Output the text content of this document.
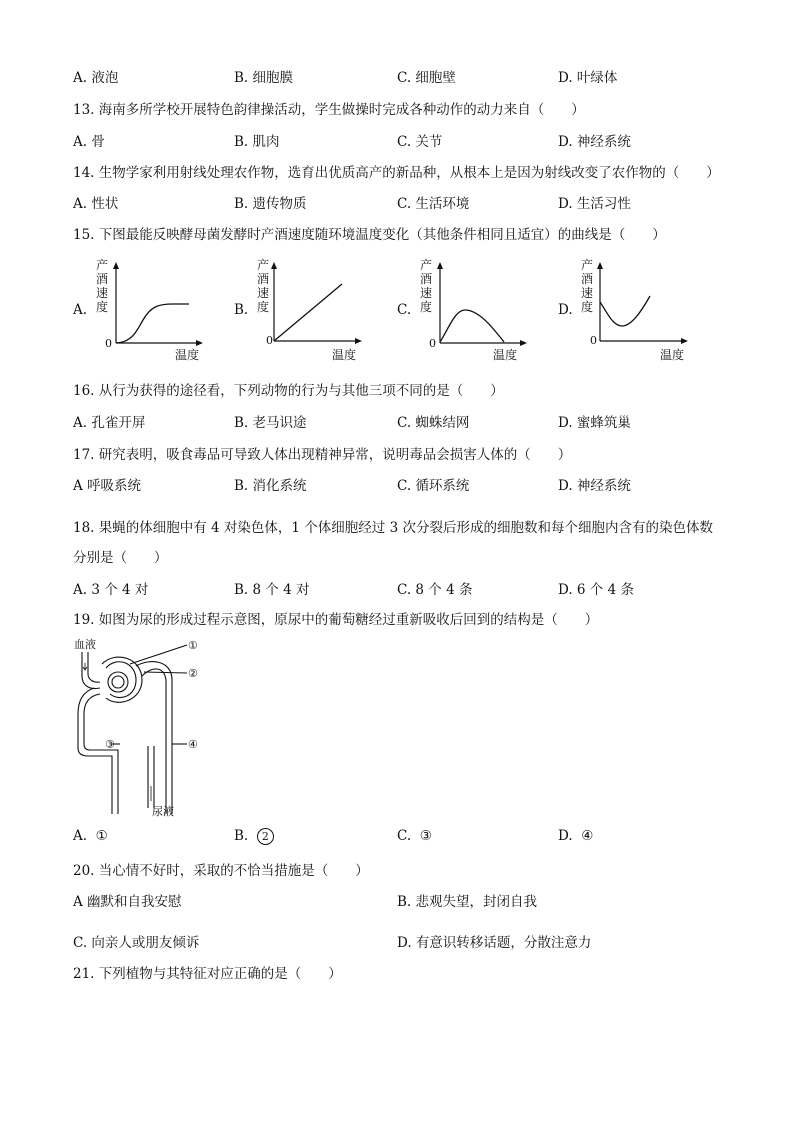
A. 液泡	B. 细胞膜	C. 细胞壁	D. 叶绿体
13. 海南多所学校开展特色韵律操活动，学生做操时完成各种动作的动力来自（　　）
A. 骨	B. 肌肉	C. 关节	D. 神经系统
14. 生物学家利用射线处理农作物，选育出优质高产的新品种，从根本上是因为射线改变了农作物的（　　）
A. 性状	B. 遗传物质	C. 生活环境	D. 生活习性
15. 下图最能反映酵母菌发酵时产酒速度随环境温度变化（其他条件相同且适宜）的曲线是（　　）
A.
产
酒
速
度
0
温度
B.
产
酒
速
度
0
温度
C.
产
酒
速
度
0
温度
D.
产
酒
速
度
0
温度
16. 从行为获得的途径看，下列动物的行为与其他三项不同的是（　　）
A. 孔雀开屏	B. 老马识途	C. 蜘蛛结网	D. 蜜蜂筑巢
17. 研究表明，吸食毒品可导致人体出现精神异常，说明毒品会损害人体的（　　）
A 呼吸系统	B. 消化系统	C. 循环系统	D. 神经系统
18. 果蝇的体细胞中有 4 对染色体，1 个体细胞经过 3 次分裂后形成的细胞数和每个细胞内含有的染色体数
分别是（　　）
A. 3 个 4 对	B. 8 个 4 对	C. 8 个 4 条	D. 6 个 4 条
19. 如图为尿的形成过程示意图，原尿中的葡萄糖经过重新吸收后回到的结构是（　　）
血液
尿液
①
②
③	④
A. ①	B. 2	C. ③	D. ④
20. 当心情不好时，采取的不恰当措施是（　　）
A 幽默和自我安慰	B. 悲观失望，封闭自我
C. 向亲人或朋友倾诉	D. 有意识转移话题，分散注意力
21. 下列植物与其特征对应正确的是（　　）
